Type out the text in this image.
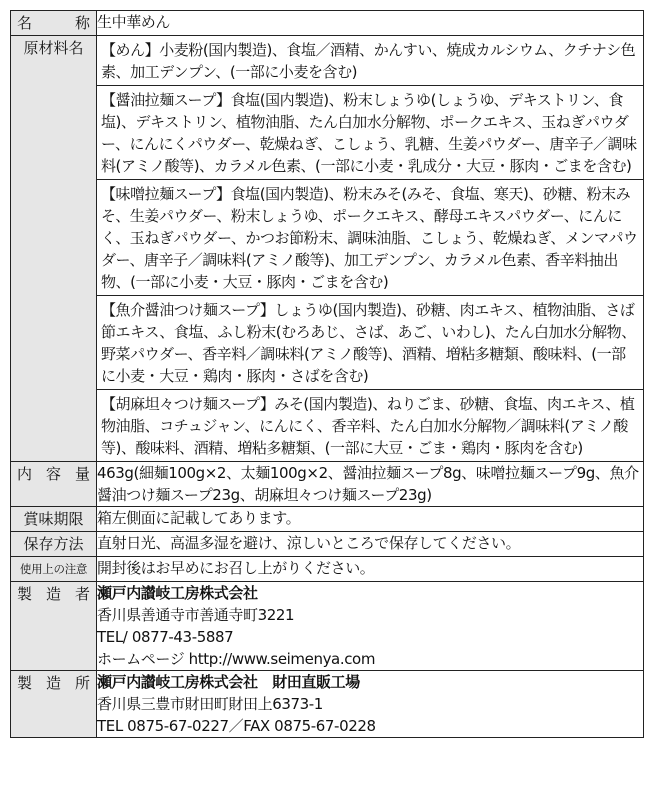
名 称	生中華めん
原材料名	【めん】小麦粉(国内製造)、食塩／酒精、かんすい、焼成カルシウム、クチナシ色素、加工デンプン、(一部に小麦を含む)
【醤油拉麺スープ】食塩(国内製造)、粉末しょうゆ(しょうゆ、デキストリン、食塩)、デキストリン、植物油脂、たん白加水分解物、ポークエキス、玉ねぎパウダー、にんにくパウダー、乾燥ねぎ、こしょう、乳糖、生姜パウダー、唐辛子／調味料(アミノ酸等)、カラメル色素、(一部に小麦・乳成分・大豆・豚肉・ごまを含む)
【味噌拉麺スープ】食塩(国内製造)、粉末みそ(みそ、食塩、寒天)、砂糖、粉末みそ、生姜パウダー、粉末しょうゆ、ポークエキス、酵母エキスパウダー、にんにく、玉ねぎパウダー、かつお節粉末、調味油脂、こしょう、乾燥ねぎ、メンマパウダー、唐辛子／調味料(アミノ酸等)、加工デンプン、カラメル色素、香辛料抽出物、(一部に小麦・大豆・豚肉・ごまを含む)
【魚介醤油つけ麺スープ】しょうゆ(国内製造)、砂糖、肉エキス、植物油脂、さば節エキス、食塩、ふし粉末(むろあじ、さば、あご、いわし)、たん白加水分解物、野菜パウダー、香辛料／調味料(アミノ酸等)、酒精、増粘多糖類、酸味料、(一部に小麦・大豆・鶏肉・豚肉・さばを含む)
【胡麻坦々つけ麺スープ】みそ(国内製造)、ねりごま、砂糖、食塩、肉エキス、植物油脂、コチュジャン、にんにく、香辛料、たん白加水分解物／調味料(アミノ酸等)、酸味料、酒精、増粘多糖類、(一部に大豆・ごま・鶏肉・豚肉を含む)

内 容 量	463g(細麺100g×2、太麺100g×2、醤油拉麺スープ8g、味噌拉麺スープ9g、魚介醤油つけ麺スープ23g、胡麻坦々つけ麺スープ23g)
賞味期限	箱左側面に記載してあります。
保存方法	直射日光、高温多湿を避け、涼しいところで保存してください。
使用上の注意	開封後はお早めにお召し上がりください。

製 造 者	瀬戸内讃岐工房株式会社
香川県善通寺市善通寺町3221
TEL/ 0877-43-5887
ホームページ http://www.seimenya.com

製 造 所	瀬戸内讃岐工房株式会社　財田直販工場
香川県三豊市財田町財田上6373-1
TEL 0875-67-0227／FAX 0875-67-0228
